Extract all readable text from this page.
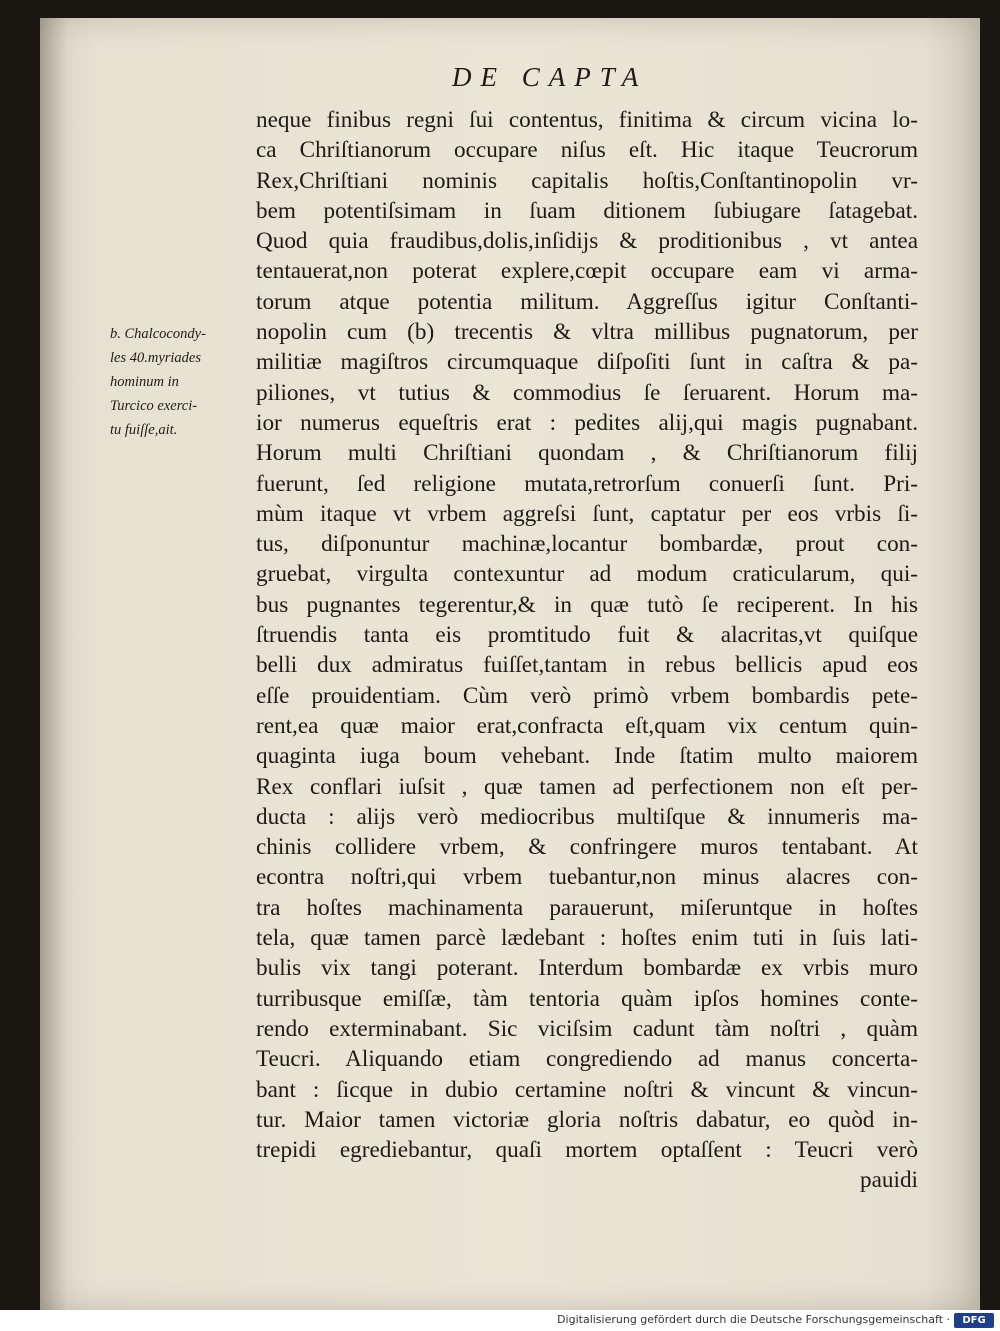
DE CAPTA
b. Chalcocondy-
les 40.myriades
hominum in
Turcico exerci-
tu fuiſſe,ait.
neque finibus regni ſui contentus, finitima & circum vicina lo-
ca Chriſtianorum occupare niſus eſt. Hic itaque Teucrorum
Rex,Chriſtiani nominis capitalis hoſtis,Conſtantinopolin vr-
bem potentiſsimam in ſuam ditionem ſubiugare ſatagebat.
Quod quia fraudibus,dolis,inſidijs & proditionibus , vt antea
tentauerat,non poterat explere,cœpit occupare eam vi arma-
torum atque potentia militum. Aggreſſus igitur Conſtanti-
nopolin cum (b) trecentis & vltra millibus pugnatorum, per
militiæ magiſtros circumquaque diſpoſiti ſunt in caſtra & pa-
piliones, vt tutius & commodius ſe ſeruarent. Horum ma-
ior numerus equeſtris erat : pedites alij,qui magis pugnabant.
Horum multi Chriſtiani quondam , & Chriſtianorum filij
fuerunt, ſed religione mutata,retrorſum conuerſi ſunt. Pri-
mùm itaque vt vrbem aggreſsi ſunt, captatur per eos vrbis ſi-
tus, diſponuntur machinæ,locantur bombardæ, prout con-
gruebat, virgulta contexuntur ad modum craticularum, qui-
bus pugnantes tegerentur,& in quæ tutò ſe reciperent. In his
ſtruendis tanta eis promtitudo fuit & alacritas,vt quiſque
belli dux admiratus fuiſſet,tantam in rebus bellicis apud eos
eſſe prouidentiam. Cùm verò primò vrbem bombardis pete-
rent,ea quæ maior erat,confracta eſt,quam vix centum quin-
quaginta iuga boum vehebant. Inde ſtatim multo maiorem
Rex conflari iuſsit , quæ tamen ad perfectionem non eſt per-
ducta : alijs verò mediocribus multiſque & innumeris ma-
chinis collidere vrbem, & confringere muros tentabant. At
econtra noſtri,qui vrbem tuebantur,non minus alacres con-
tra hoſtes machinamenta parauerunt, miſeruntque in hoſtes
tela, quæ tamen parcè lædebant : hoſtes enim tuti in ſuis lati-
bulis vix tangi poterant. Interdum bombardæ ex vrbis muro
turribusque emiſſæ, tàm tentoria quàm ipſos homines conte-
rendo exterminabant. Sic viciſsim cadunt tàm noſtri , quàm
Teucri. Aliquando etiam congrediendo ad manus concerta-
bant : ſicque in dubio certamine noſtri & vincunt & vincun-
tur. Maior tamen victoriæ gloria noſtris dabatur, eo quòd in-
trepidi egrediebantur, quaſi mortem optaſſent : Teucri verò
pauidi
Digitalisierung gefördert durch die Deutsche Forschungsgemeinschaft ·	DFG
